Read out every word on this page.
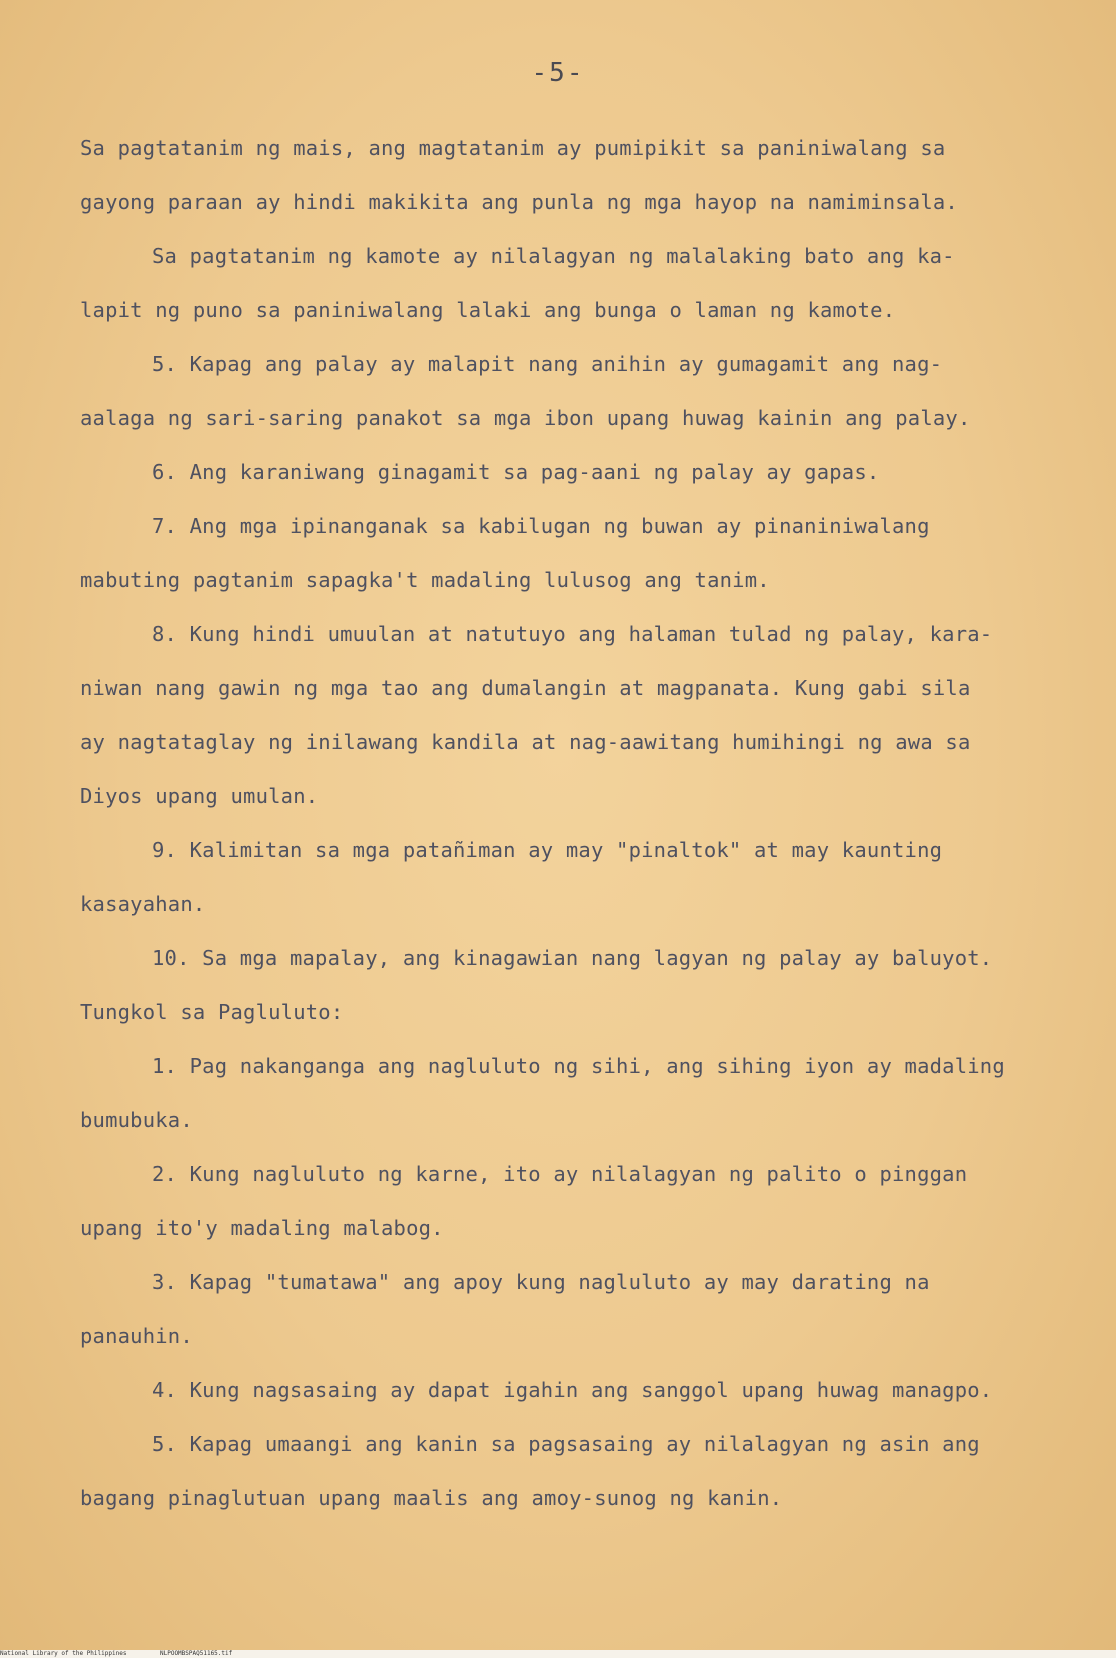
-5-
Sa pagtatanim ng mais, ang magtatanim ay pumipikit sa paniniwalang sa
gayong paraan ay hindi makikita ang punla ng mga hayop na namiminsala.
Sa pagtatanim ng kamote ay nilalagyan ng malalaking bato ang ka-
lapit ng puno sa paniniwalang lalaki ang bunga o laman ng kamote.
5. Kapag ang palay ay malapit nang anihin ay gumagamit ang nag-
aalaga ng sari-saring panakot sa mga ibon upang huwag kainin ang palay.
6. Ang karaniwang ginagamit sa pag-aani ng palay ay gapas.
7. Ang mga ipinanganak sa kabilugan ng buwan ay pinaniniwalang
mabuting pagtanim sapagka't madaling lulusog ang tanim.
8. Kung hindi umuulan at natutuyo ang halaman tulad ng palay, kara-
niwan nang gawin ng mga tao ang dumalangin at magpanata. Kung gabi sila
ay nagtataglay ng inilawang kandila at nag-aawitang humihingi ng awa sa
Diyos upang umulan.
9. Kalimitan sa mga patañiman ay may "pinaltok" at may kaunting
kasayahan.
10. Sa mga mapalay, ang kinagawian nang lagyan ng palay ay baluyot.
Tungkol sa Pagluluto:
1. Pag nakanganga ang nagluluto ng sihi, ang sihing iyon ay madaling
bumubuka.
2. Kung nagluluto ng karne, ito ay nilalagyan ng palito o pinggan
upang ito'y madaling malabog.
3. Kapag "tumatawa" ang apoy kung nagluluto ay may darating na
panauhin.
4. Kung nagsasaing ay dapat igahin ang sanggol upang huwag managpo.
5. Kapag umaangi ang kanin sa pagsasaing ay nilalagyan ng asin ang
bagang pinaglutuan upang maalis ang amoy-sunog ng kanin.
National Library of the Philippines	NLPOOMBSPAQ51165.tif
